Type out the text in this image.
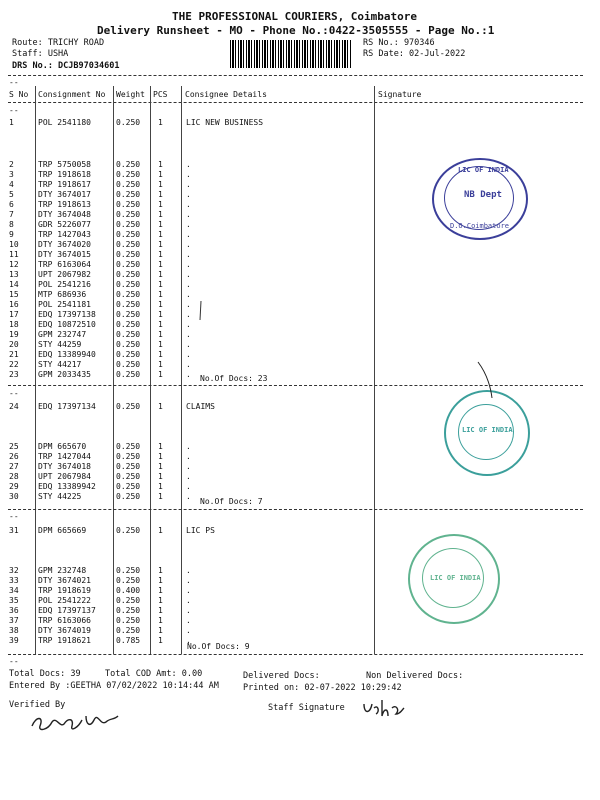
THE PROFESSIONAL COURIERS, Coimbatore
Delivery Runsheet - MO - Phone No.:0422-3505555 - Page No.:1
Route: TRICHY ROAD
Staff: USHA
DRS No.: DCJB97034601
RS No.: 970346
RS Date: 02-Jul-2022
--
S No Consignment No Weight PCS Consignee Details	Signature
--
1	POL 2541180	0.250 1	LIC NEW BUSINESS
2	TRP 5750058	0.250 1	.
3	TRP 1918618	0.250 1	.
4	TRP 1918617	0.250 1	.
5	DTY 3674017	0.250 1	.
6	TRP 1918613	0.250 1	.
7	DTY 3674048	0.250 1	.
8	GDR 5226077	0.250 1	.
9	TRP 1427043	0.250 1	.
10 DTY 3674020	0.250 1	.
11 DTY 3674015	0.250 1	.
12 TRP 6163064	0.250 1	.
13 UPT 2067982	0.250 1	.
14 POL 2541216	0.250 1	.
15 MTP 686936	0.250 1	.
16 POL 2541181	0.250 1	.
17 EDQ 17397138	0.250 1	.
18 EDQ 10872510	0.250 1	.
19 GPM 232747	0.250 1	.
20 STY 44259	0.250 1	.
21 EDQ 13389940	0.250 1	.
22 STY 44217	0.250 1	.
23 GPM 2033435	0.250 1	. No.Of Docs: 23
--
24 EDQ 17397134	0.250 1	CLAIMS
25 DPM 665670	0.250 1	.
26 TRP 1427044	0.250 1	.
27 DTY 3674018	0.250 1	.
28 UPT 2067984	0.250 1	.
29 EDQ 13389942	0.250 1	.
30 STY 44225	0.250 1	.
No.Of Docs: 7
--
31 DPM 665669	0.250 1	LIC PS
32 GPM 232748	0.250 1	.
33 DTY 3674021	0.250 1	.
34 TRP 1918619	0.400 1	.
35 POL 2541222	0.250 1	.
36 EDQ 17397137	0.250 1	.
37 TRP 6163066	0.250 1	.
38 DTY 3674019	0.250 1	.
39 TRP 1918621	0.785 1	.
No.Of Docs: 9
--
Total Docs: 39	Total COD Amt: 0.00	Delivered Docs:	Non Delivered Docs:
Entered By :GEETHA 07/02/2022 10:14:44 AM	Printed on: 02-07-2022 10:29:42
Verified By	Staff Signature
LIC OF INDIA
NB Dept
D.O.Coimbatore
LIC OF INDIA
LIC OF INDIA
